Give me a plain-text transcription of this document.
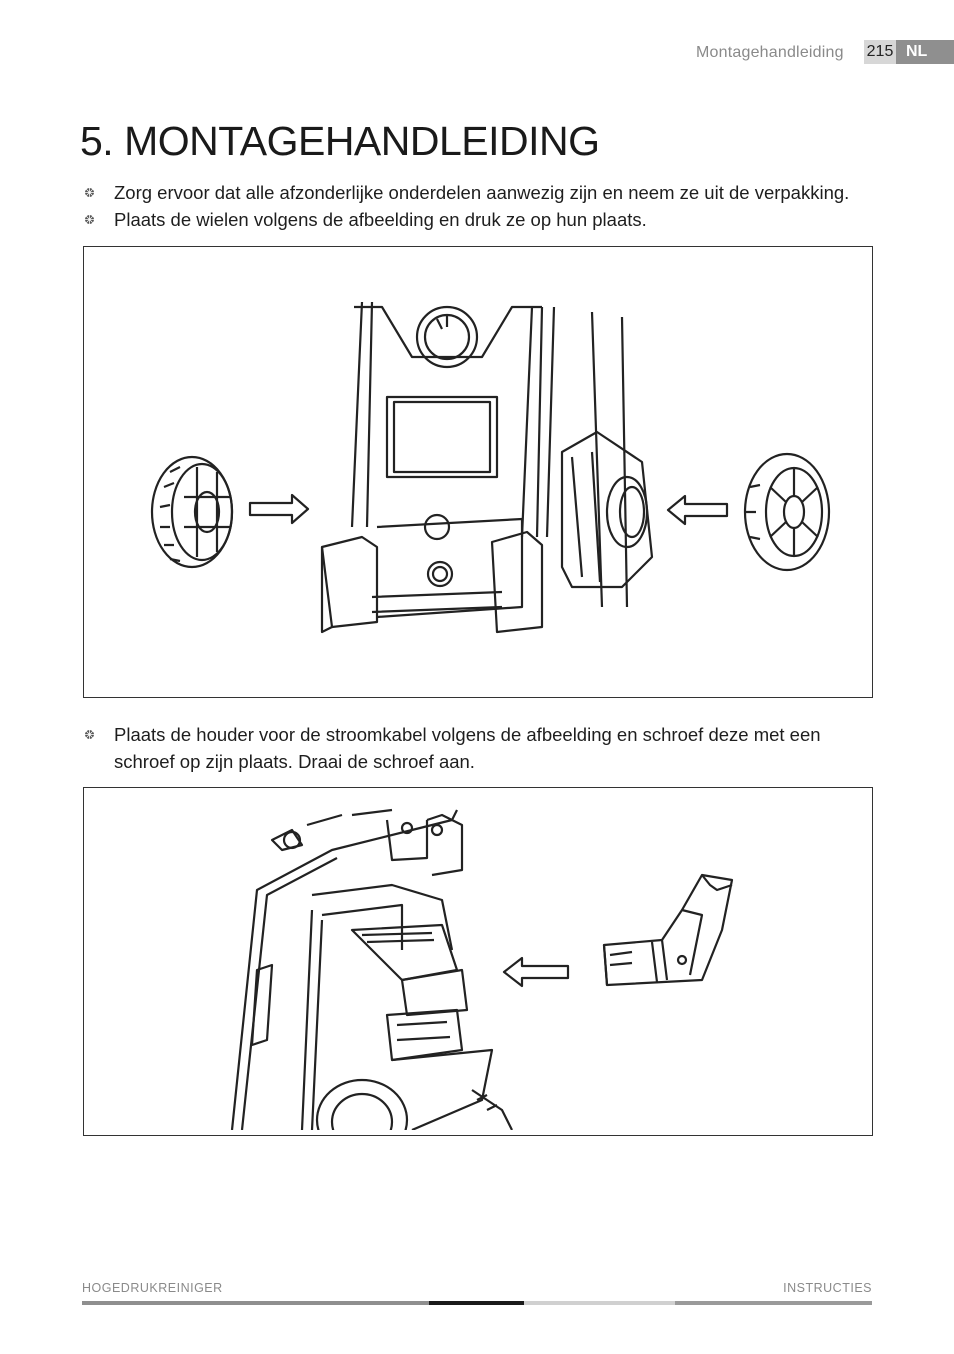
Montagehandleiding 215 NL
5. MONTAGEHANDLEIDING
Zorg ervoor dat alle afzonderlijke onderdelen aanwezig zijn en neem ze uit de verpakking.
Plaats de wielen volgens de afbeelding en druk ze op hun plaats.
Plaats de houder voor de stroomkabel volgens de afbeelding en schroef deze met een schroef op zijn plaats. Draai de schroef aan.
HOGEDRUKREINIGER	INSTRUCTIES
